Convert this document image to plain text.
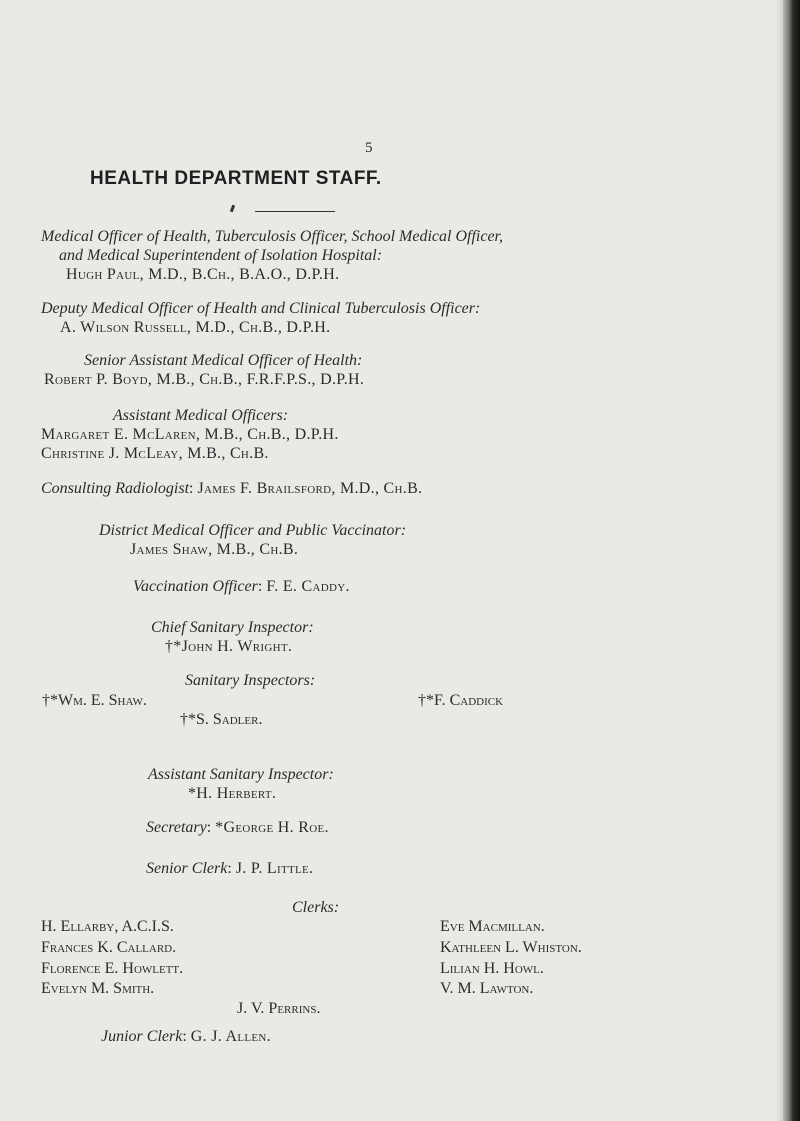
5
HEALTH DEPARTMENT STAFF.
Medical Officer of Health, Tuberculosis Officer, School Medical Officer,
and Medical Superintendent of Isolation Hospital:
Hugh Paul, M.D., B.Ch., B.A.O., D.P.H.
Deputy Medical Officer of Health and Clinical Tuberculosis Officer:
A. Wilson Russell, M.D., Ch.B., D.P.H.
Senior Assistant Medical Officer of Health:
Robert P. Boyd, M.B., Ch.B., F.R.F.P.S., D.P.H.
Assistant Medical Officers:
Margaret E. McLaren, M.B., Ch.B., D.P.H.
Christine J. McLeay, M.B., Ch.B.
Consulting Radiologist: James F. Brailsford, M.D., Ch.B.
District Medical Officer and Public Vaccinator:
James Shaw, M.B., Ch.B.
Vaccination Officer: F. E. Caddy.
Chief Sanitary Inspector:
†*John H. Wright.
Sanitary Inspectors:
†*Wm. E. Shaw.	†*F. Caddick
†*S. Sadler.
Assistant Sanitary Inspector:
*H. Herbert.
Secretary: *George H. Roe.
Senior Clerk: J. P. Little.
Clerks:
H. Ellarby, A.C.I.S.
Frances K. Callard.
Florence E. Howlett.
Evelyn M. Smith.
Eve Macmillan.
Kathleen L. Whiston.
Lilian H. Howl.
V. M. Lawton.
J. V. Perrins.
Junior Clerk: G. J. Allen.
